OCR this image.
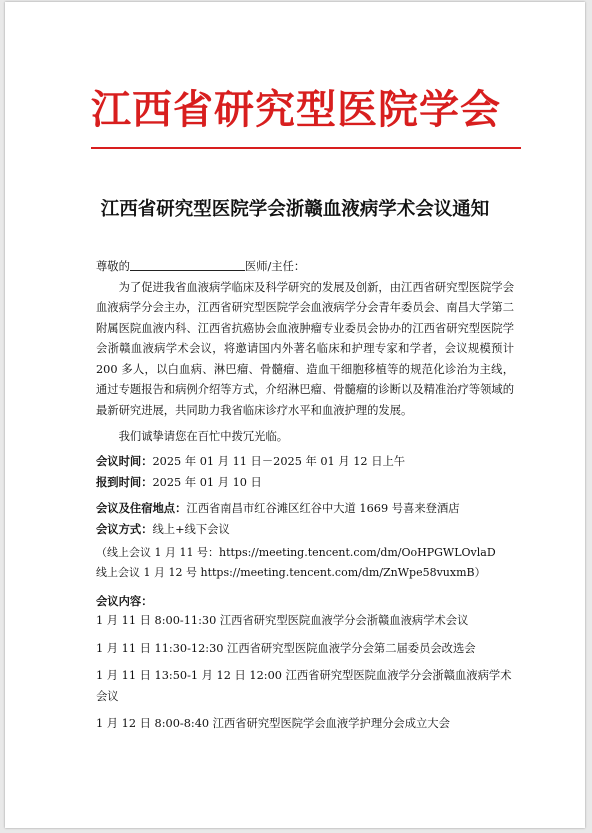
江西省研究型医院学会
江西省研究型医院学会浙赣血液病学术会议通知

尊敬的	医师/主任：

为了促进我省血液病学临床及科学研究的发展及创新，由江西省研究型医院学会血液病学分会主办，江西省研究型医院学会血液病学分会青年委员会、南昌大学第二附属医院血液内科、江西省抗癌协会血液肿瘤专业委员会协办的江西省研究型医院学会浙赣血液病学术会议，将邀请国内外著名临床和护理专家和学者，会议规模预计 200 多人，以白血病、淋巴瘤、骨髓瘤、造血干细胞移植等的规范化诊治为主线，通过专题报告和病例介绍等方式，介绍淋巴瘤、骨髓瘤的诊断以及精准治疗等领域的最新研究进展，共同助力我省临床诊疗水平和血液护理的发展。

我们诚挚请您在百忙中拨冗光临。

会议时间：2025 年 01 月 11 日－2025 年 01 月 12 日上午

报到时间：2025 年 01 月 10 日

会议及住宿地点：江西省南昌市红谷滩区红谷中大道 1669 号喜来登酒店

会议方式：线上+线下会议

（线上会议 1 月 11 号：https://meeting.tencent.com/dm/OoHPGWLOvlaD

线上会议 1 月 12 号 https://meeting.tencent.com/dm/ZnWpe58vuxmB）

会议内容：

1 月 11 日 8:00-11:30 江西省研究型医院血液学分会浙赣血液病学术会议

1 月 11 日 11:30-12:30 江西省研究型医院血液学分会第二届委员会改选会

1 月 11 日 13:50-1 月 12 日 12:00 江西省研究型医院血液学分会浙赣血液病学术会议

1 月 12 日 8:00-8:40 江西省研究型医院学会血液学护理分会成立大会
